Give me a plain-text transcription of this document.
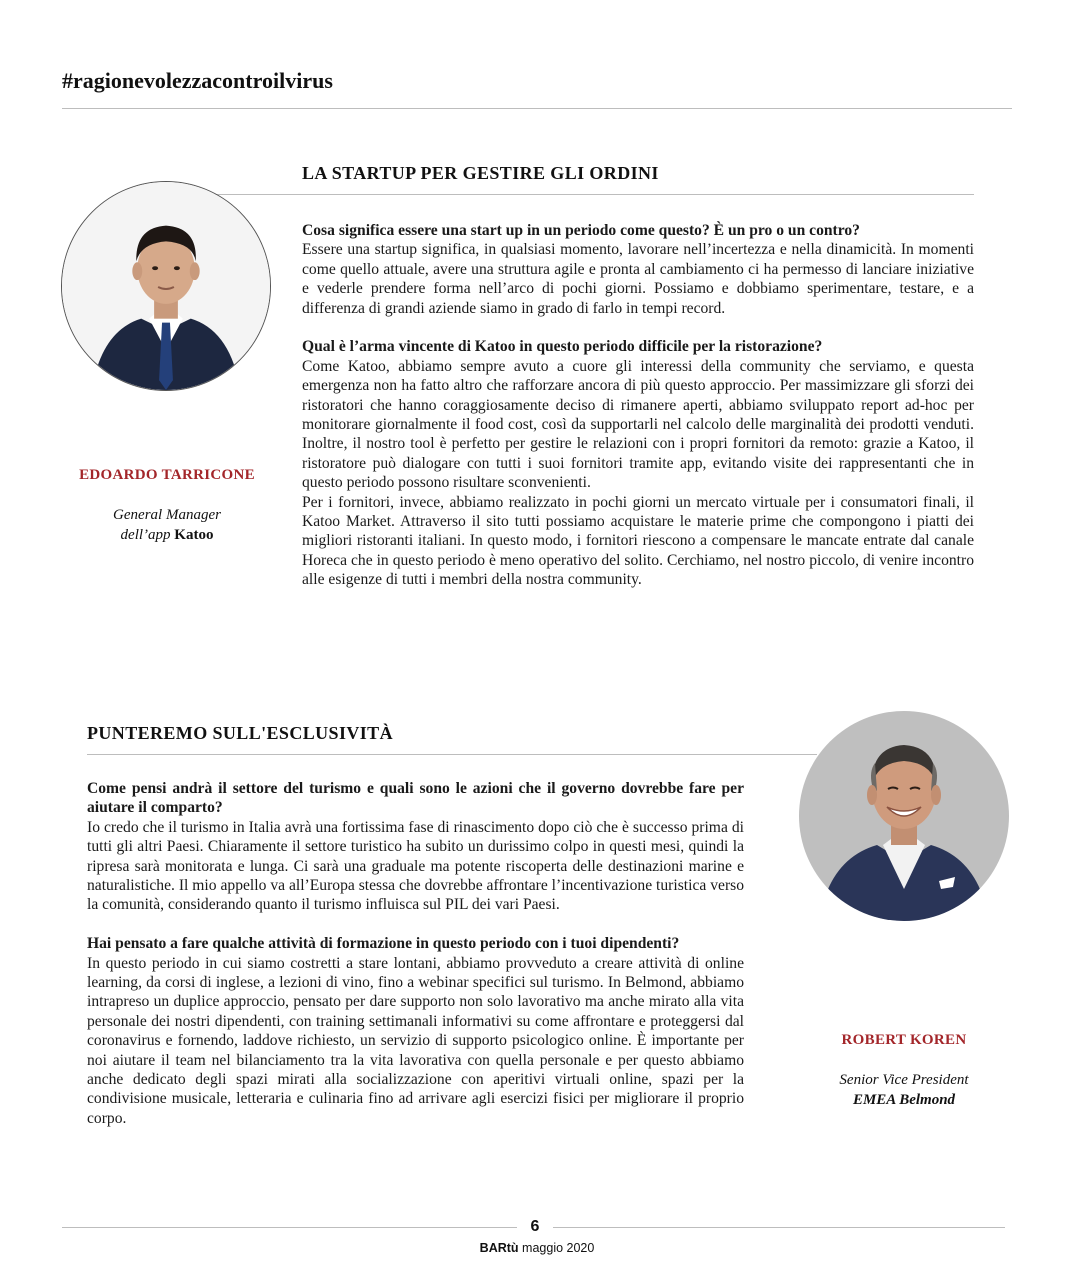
#ragionevolezzacontroilvirus
LA STARTUP PER GESTIRE GLI ORDINI
EDOARDO TARRICONE
General Manager
dell’app Katoo

Cosa significa essere una start up in un periodo come questo? È un pro o un contro?

Essere una startup significa, in qualsiasi momento, lavorare nell’incertezza e nella dinamicità. In momenti come quello attuale, avere una struttura agile e pronta al cambiamento ci ha permesso di lanciare iniziative e vederle prendere forma nell’arco di pochi giorni. Possiamo e dobbiamo sperimentare, testare, e a differenza di grandi aziende siamo in grado di farlo in tempi record.

Qual è l’arma vincente di Katoo in questo periodo difficile per la ristorazione?

Come Katoo, abbiamo sempre avuto a cuore gli interessi della community che serviamo, e questa emergenza non ha fatto altro che rafforzare ancora di più questo approccio. Per massimizzare gli sforzi dei ristoratori che hanno coraggiosamente deciso di rimanere aperti, abbiamo sviluppato report ad-hoc per monitorare giornalmente il food cost, così da supportarli nel calcolo delle marginalità dei prodotti venduti. Inoltre, il nostro tool è perfetto per gestire le relazioni con i propri fornitori da remoto: grazie a Katoo, il ristoratore può dialogare con tutti i suoi fornitori tramite app, evitando visite dei rappresentanti che in questo periodo possono risultare sconvenienti.

Per i fornitori, invece, abbiamo realizzato in pochi giorni un mercato virtuale per i consumatori finali, il Katoo Market. Attraverso il sito tutti possiamo acquistare le materie prime che compongono i piatti dei migliori ristoranti italiani. In questo modo, i fornitori riescono a compensare le mancate entrate dal canale Horeca che in questo periodo è meno operativo del solito. Cerchiamo, nel nostro piccolo, di venire incontro alle esigenze di tutti i membri della nostra community.

PUNTEREMO SULL'ESCLUSIVITÀ
ROBERT KOREN
Senior Vice President
EMEA Belmond

Come pensi andrà il settore del turismo e quali sono le azioni che il governo dovrebbe fare per aiutare il comparto?

Io credo che il turismo in Italia avrà una fortissima fase di rinascimento dopo ciò che è successo prima di tutti gli altri Paesi. Chiaramente il settore turistico ha subito un durissimo colpo in questi mesi, quindi la ripresa sarà monitorata e lunga. Ci sarà una graduale ma potente riscoperta delle destinazioni marine e naturalistiche. Il mio appello va all’Europa stessa che dovrebbe affrontare l’incentivazione turistica verso la comunità, considerando quanto il turismo influisca sul PIL dei vari Paesi.

Hai pensato a fare qualche attività di formazione in questo periodo con i tuoi dipendenti?

In questo periodo in cui siamo costretti a stare lontani, abbiamo provveduto a creare attività di online learning, da corsi di inglese, a lezioni di vino, fino a webinar specifici sul turismo. In Belmond, abbiamo intrapreso un duplice approccio, pensato per dare supporto non solo lavorativo ma anche mirato alla vita personale dei nostri dipendenti, con training settimanali informativi su come affrontare e proteggersi dal coronavirus e fornendo, laddove richiesto, un servizio di supporto psicologico online. È importante per noi aiutare il team nel bilanciamento tra la vita lavorativa con quella personale e per questo abbiamo anche dedicato degli spazi mirati alla socializzazione con aperitivi virtuali online, spazi per la condivisione musicale, letteraria e culinaria fino ad arrivare agli esercizi fisici per migliorare il proprio corpo.

6
BARtù maggio 2020
